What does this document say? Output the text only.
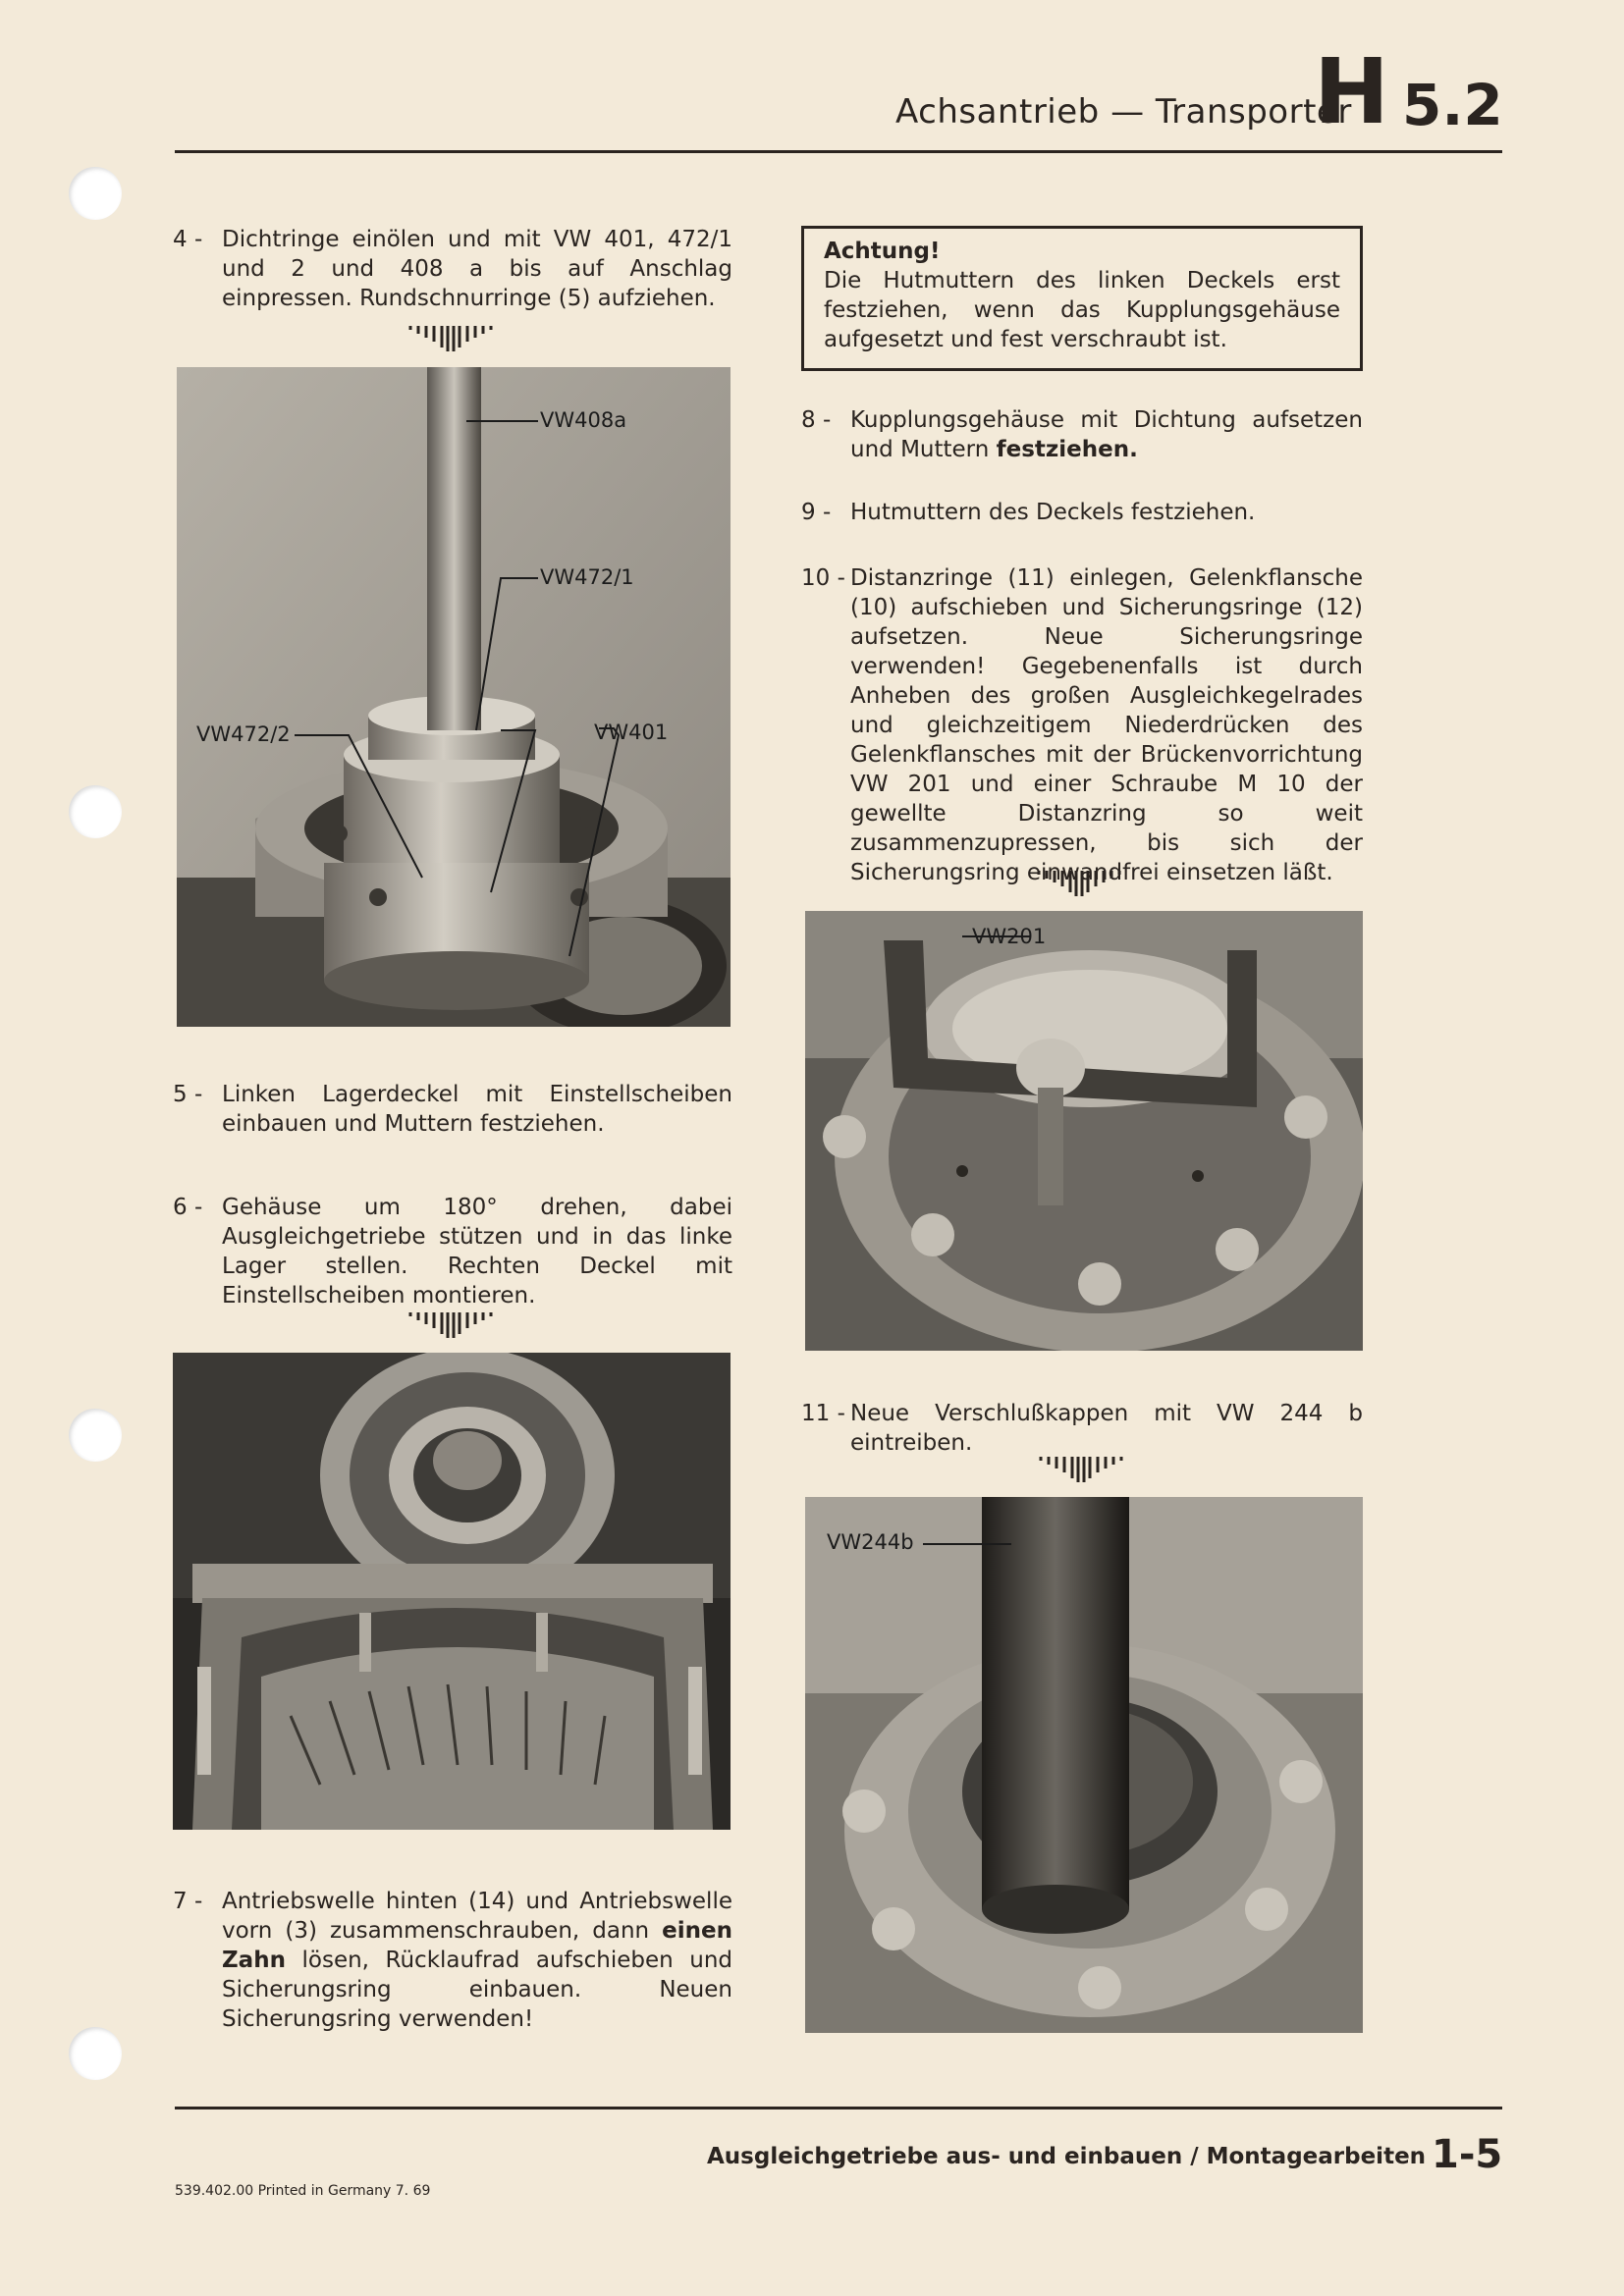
Achsantrieb — Transporter
H 5.2
4 - Dichtringe einölen und mit VW 401, 472/1 und 2 und 408 a bis auf Anschlag einpressen. Rundschnurringe (5) aufziehen.
Achtung!
Die Hutmuttern des linken Deckels erst festziehen, wenn das Kupplungsgehäuse aufgesetzt und fest verschraubt ist.
VW408a
VW472/1
VW472/2	VW401
5 - Linken Lagerdeckel mit Einstellscheiben einbauen und Muttern festziehen.
6 - Gehäuse um 180° drehen, dabei Ausgleichgetriebe stützen und in das linke Lager stellen. Rechten Deckel mit Einstellscheiben montieren.
7 - Antriebswelle hinten (14) und Antriebswelle vorn (3) zusammenschrauben, dann einen Zahn lösen, Rücklaufrad aufschieben und Sicherungsring einbauen. Neuen Sicherungsring verwenden!
8 - Kupplungsgehäuse mit Dichtung aufsetzen und Muttern festziehen.
9 - Hutmuttern des Deckels festziehen.
10 - Distanzringe (11) einlegen, Gelenkflansche (10) aufschieben und Sicherungsringe (12) aufsetzen. Neue Sicherungsringe verwenden! Gegebenenfalls ist durch Anheben des großen Ausgleichkegelrades und gleichzeitigem Niederdrücken des Gelenkflansches mit der Brückenvorrichtung VW 201 und einer Schraube M 10 der gewellte Distanzring so weit zusammenzupressen, bis sich der Sicherungsring einwandfrei einsetzen läßt.
VW201
11 - Neue Verschlußkappen mit VW 244 b eintreiben.
VW244b
Ausgleichgetriebe aus- und einbauen / Montagearbeiten 1-5
539.402.00 Printed in Germany 7. 69
